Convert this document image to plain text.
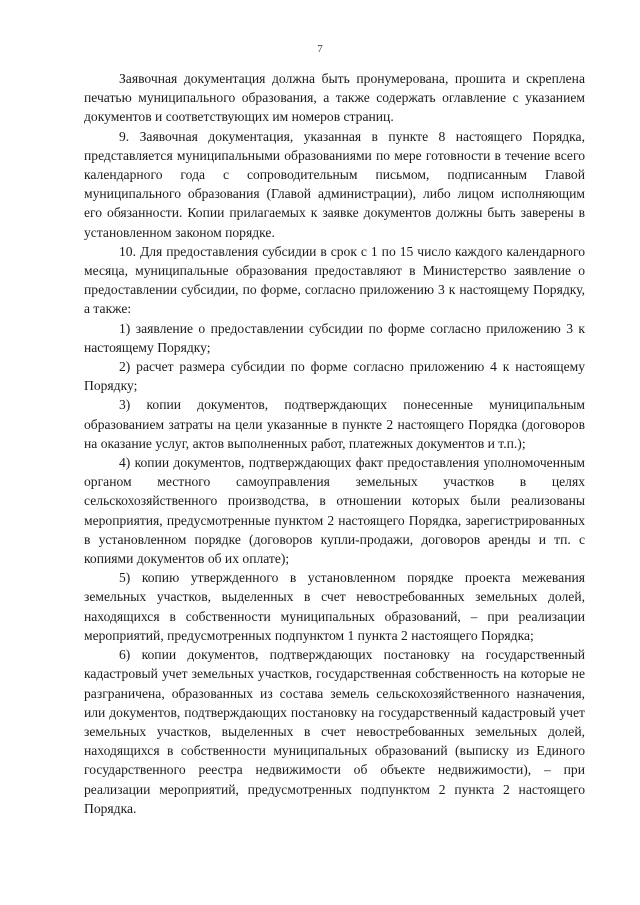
7

Заявочная документация должна быть пронумерована, прошита и скреплена печатью муниципального образования, а также содержать оглавление с указанием документов и соответствующих им номеров страниц.

9. Заявочная документация, указанная в пункте 8 настоящего Порядка, представляется муниципальными образованиями по мере готовности в течение всего календарного года с сопроводительным письмом, подписанным Главой муниципального образования (Главой администрации), либо лицом исполняющим его обязанности. Копии прилагаемых к заявке документов должны быть заверены в установленном законом порядке.

10. Для предоставления субсидии в срок с 1 по 15 число каждого календарного месяца, муниципальные образования предоставляют в Министерство заявление о предоставлении субсидии, по форме, согласно приложению 3 к настоящему Порядку, а также:

1) заявление о предоставлении субсидии по форме согласно приложению 3 к настоящему Порядку;

2) расчет размера субсидии по форме согласно приложению 4 к настоящему Порядку;

3) копии документов, подтверждающих понесенные муниципальным образованием затраты на цели указанные в пункте 2 настоящего Порядка (договоров на оказание услуг, актов выполненных работ, платежных документов и т.п.);

4) копии документов, подтверждающих факт предоставления уполномоченным органом местного самоуправления земельных участков в целях сельскохозяйственного производства, в отношении которых были реализованы мероприятия, предусмотренные пунктом 2 настоящего Порядка, зарегистрированных в установленном порядке (договоров купли-продажи, договоров аренды и тп. с копиями документов об их оплате);

5) копию утвержденного в установленном порядке проекта межевания земельных участков, выделенных в счет невостребованных земельных долей, находящихся в собственности муниципальных образований, – при реализации мероприятий, предусмотренных подпунктом 1 пункта 2 настоящего Порядка;

6) копии документов, подтверждающих постановку на государственный кадастровый учет земельных участков, государственная собственность на которые не разграничена, образованных из состава земель сельскохозяйственного назначения, или документов, подтверждающих постановку на государственный кадастровый учет земельных участков, выделенных в счет невостребованных земельных долей, находящихся в собственности муниципальных образований (выписку из Единого государственного реестра недвижимости об объекте недвижимости), – при реализации мероприятий, предусмотренных подпунктом 2 пункта 2 настоящего Порядка.
